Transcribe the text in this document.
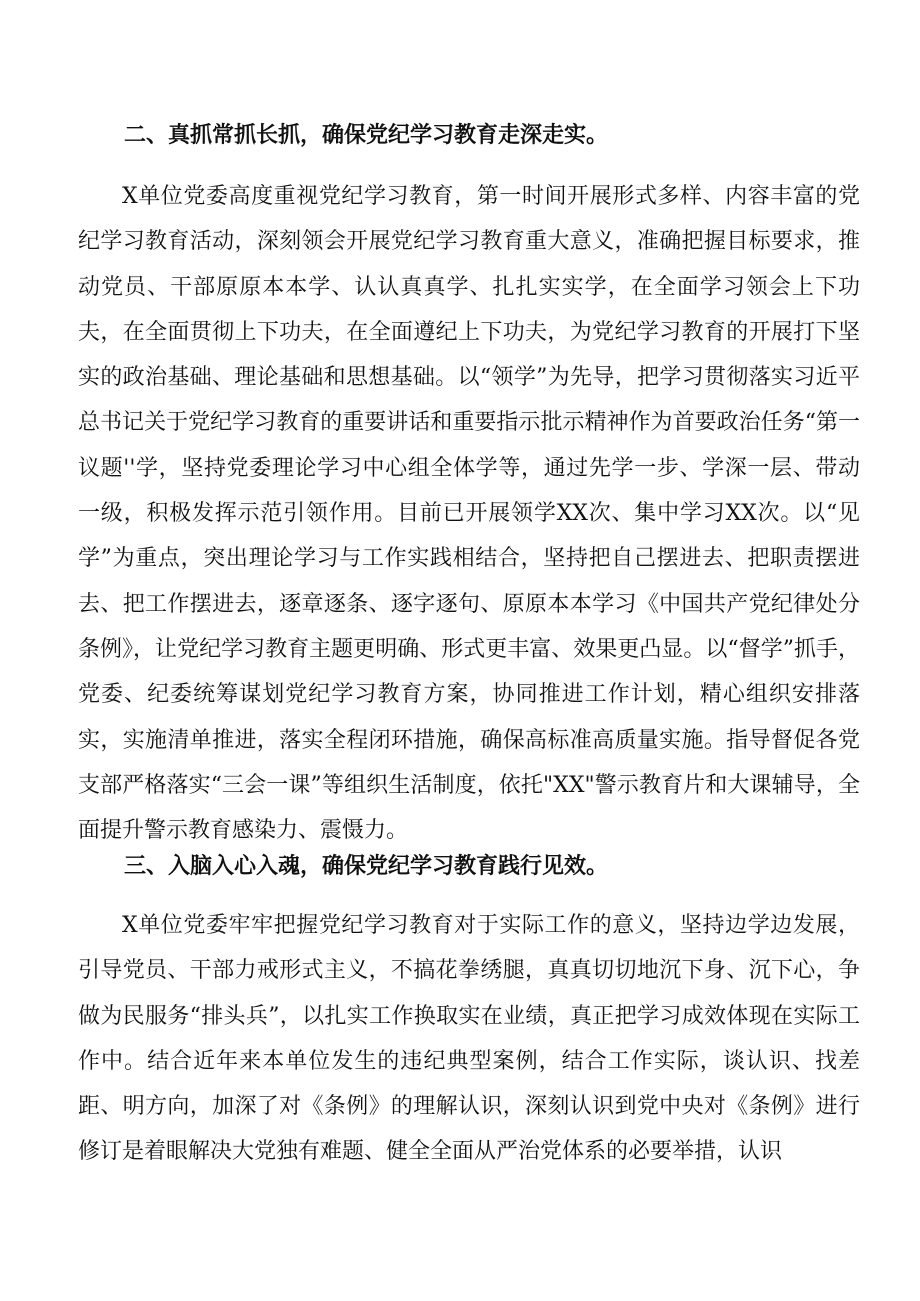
二、真抓常抓长抓，确保党纪学习教育走深走实。

X单位党委高度重视党纪学习教育，第一时间开展形式多样、内容丰富的党纪学习教育活动，深刻领会开展党纪学习教育重大意义，准确把握目标要求，推动党员、干部原原本本学、认认真真学、扎扎实实学，在全面学习领会上下功夫，在全面贯彻上下功夫，在全面遵纪上下功夫，为党纪学习教育的开展打下坚实的政治基础、理论基础和思想基础。以“领学”为先导，把学习贯彻落实习近平总书记关于党纪学习教育的重要讲话和重要指示批示精神作为首要政治任务“第一议题''学，坚持党委理论学习中心组全体学等，通过先学一步、学深一层、带动一级，积极发挥示范引领作用。目前已开展领学XX次、集中学习XX次。以“见学”为重点，突出理论学习与工作实践相结合，坚持把自己摆进去、把职责摆进去、把工作摆进去，逐章逐条、逐字逐句、原原本本学习《中国共产党纪律处分条例》，让党纪学习教育主题更明确、形式更丰富、效果更凸显。以“督学”抓手，党委、纪委统筹谋划党纪学习教育方案，协同推进工作计划，精心组织安排落实，实施清单推进，落实全程闭环措施，确保高标准高质量实施。指导督促各党支部严格落实“三会一课”等组织生活制度，依托"XX"警示教育片和大课辅导，全面提升警示教育感染力、震慑力。

三、入脑入心入魂，确保党纪学习教育践行见效。

X单位党委牢牢把握党纪学习教育对于实际工作的意义，坚持边学边发展，引导党员、干部力戒形式主义，不搞花拳绣腿，真真切切地沉下身、沉下心，争做为民服务“排头兵”，以扎实工作换取实在业绩，真正把学习成效体现在实际工作中。结合近年来本单位发生的违纪典型案例，结合工作实际，谈认识、找差距、明方向，加深了对《条例》的理解认识，深刻认识到党中央对《条例》进行修订是着眼解决大党独有难题、健全全面从严治党体系的必要举措，认识
